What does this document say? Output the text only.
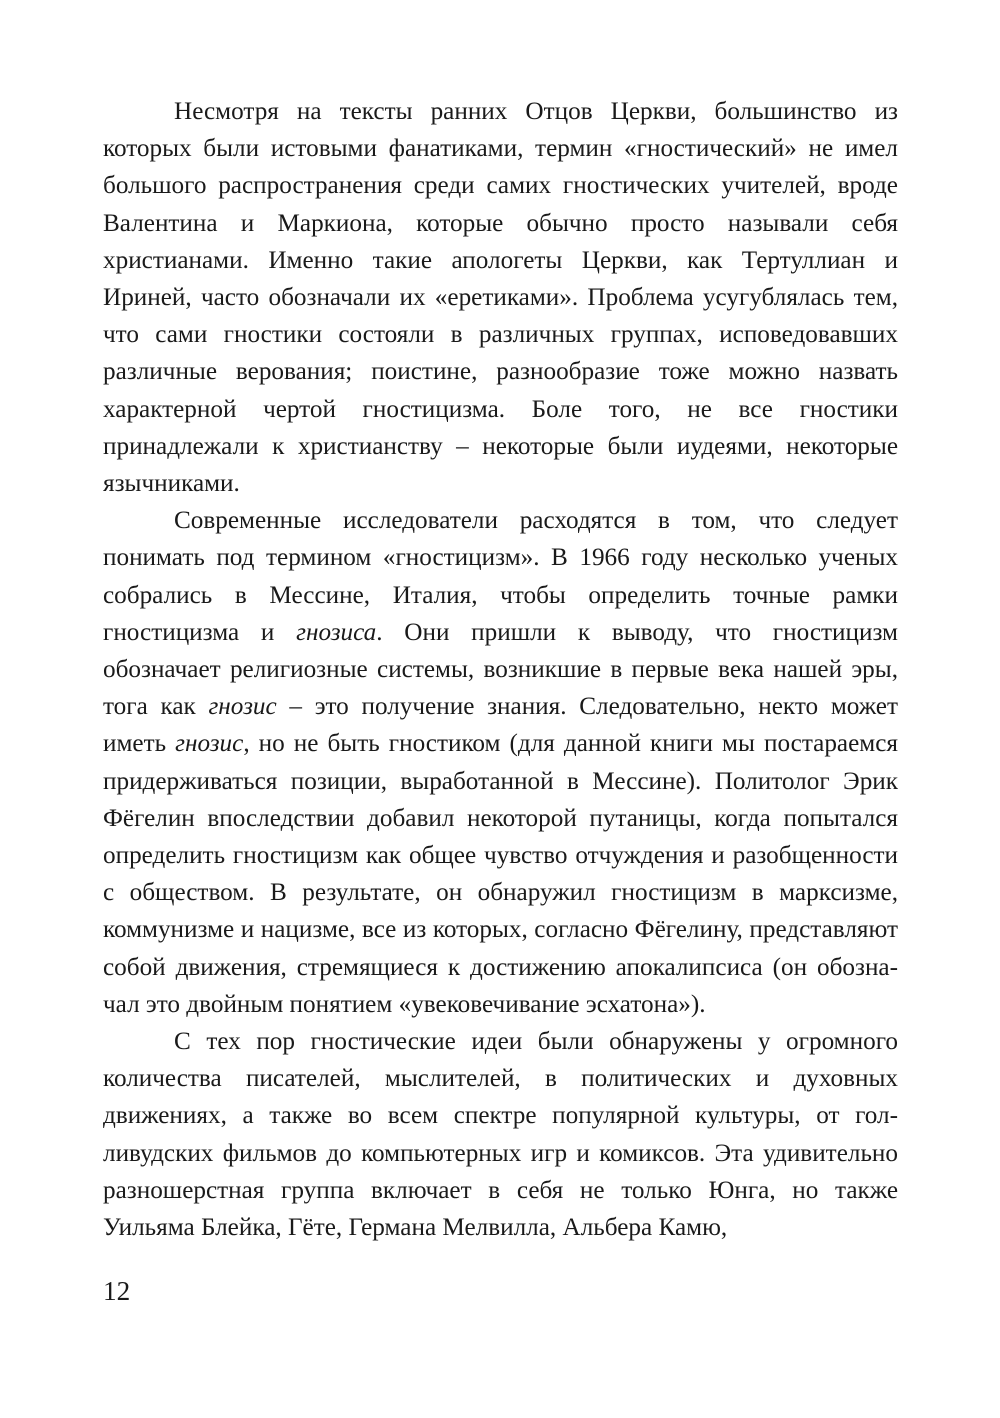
Несмотря на тексты ранних Отцов Церкви, большинство из которых были истовыми фанатиками, термин «гностический» не имел большого распространения среди самих гностических учителей, вроде Валентина и Маркиона, которые обычно просто называли себя христианами. Именно такие апологеты Церкви, как Тертуллиан и Ириней, часто обозначали их «еретиками». Проблема усугублялась тем, что сами гностики состояли в различных группах, исповедовавших различные верования; поистине, разнообразие тоже можно назвать характерной чертой гностицизма. Боле того, не все гностики принадлежали к христианству – некоторые были иудеями, некоторые язычниками.

Современные исследователи расходятся в том, что следует понимать под термином «гностицизм». В 1966 году несколько ученых собрались в Мессине, Италия, чтобы определить точные рамки гностицизма и гнозиса. Они пришли к выводу, что гностицизм обозначает религиозные системы, возникшие в первые века нашей эры, тога как гнозис – это получение знания. Следовательно, некто может иметь гнозис, но не быть гностиком (для данной книги мы постараемся придерживаться позиции, выработанной в Мессине). Политолог Эрик Фёгелин впоследствии добавил некоторой путаницы, когда попытался определить гностицизм как общее чувство отчуждения и разобщенности с обществом. В результате, он обнаружил гностицизм в марксизме, коммунизме и нацизме, все из которых, согласно Фёгелину, представляют собой движения, стремящиеся к достижению апокалипсиса (он обозначал это двойным понятием «увековечивание эсхатона»).

С тех пор гностические идеи были обнаружены у огромного количества писателей, мыслителей, в политических и духовных движениях, а также во всем спектре популярной культуры, от голливудских фильмов до компьютерных игр и комиксов. Эта удивительно разношерстная группа включает в себя не только Юнга, но также Уильяма Блейка, Гёте, Германа Мелвилла, Альбера Камю,

12
